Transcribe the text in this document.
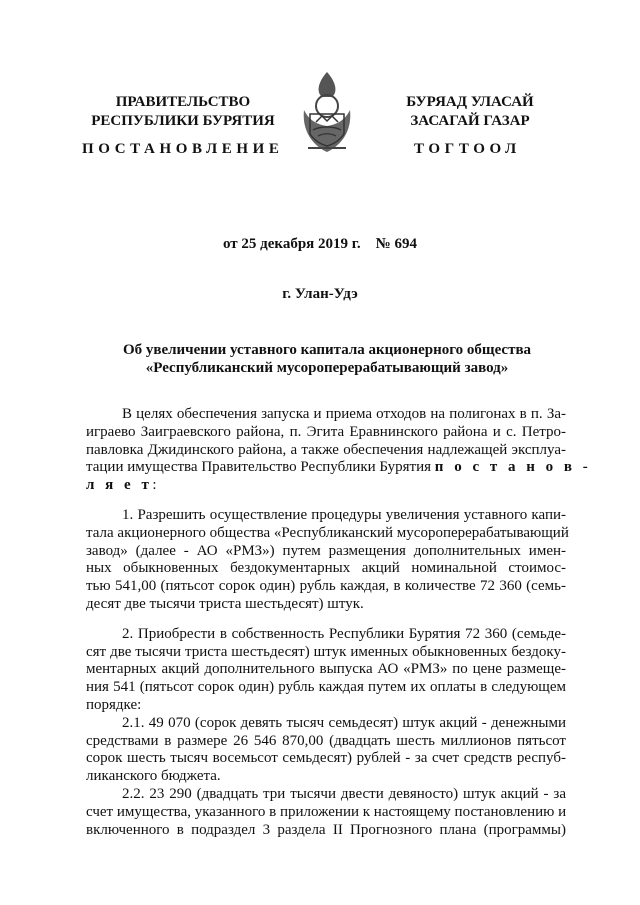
ПРАВИТЕЛЬСТВО
РЕСПУБЛИКИ БУРЯТИЯ
БУРЯАД УЛАСАЙ
ЗАСАГАЙ ГАЗАР
ПОСТАНОВЛЕНИЕ	ТОГТООЛ
от 25 декабря 2019 г.    № 694
г. Улан-Удэ
Об увеличении уставного капитала акционерного общества
«Республиканский мусороперерабатывающий завод»

В целях обеспечения запуска и приема отходов на полигонах в п. За-
играево Заиграевского района, п. Эгита Еравнинского района и с. Петро-
павловка Джидинского района, а также обеспечения надлежащей эксплуа-
тации имущества Правительство Республики Бурятия п о с т а н о в -
л я е т:

1. Разрешить осуществление процедуры увеличения уставного капи-
тала акционерного общества «Республиканский мусороперерабатывающий
завод» (далее - АО «РМЗ») путем размещения дополнительных имен-
ных обыкновенных бездокументарных акций номинальной стоимос-
тью 541,00 (пятьсот сорок один) рубль каждая, в количестве 72 360 (семь-
десят две тысячи триста шестьдесят) штук.

2. Приобрести в собственность Республики Бурятия 72 360 (семьде-
сят две тысячи триста шестьдесят) штук именных обыкновенных бездоку-
ментарных акций дополнительного выпуска АО «РМЗ» по цене размеще-
ния 541 (пятьсот сорок один) рубль каждая путем их оплаты в следующем
порядке:

2.1. 49 070 (сорок девять тысяч семьдесят) штук акций - денежными
средствами в размере 26 546 870,00 (двадцать шесть миллионов пятьсот
сорок шесть тысяч восемьсот семьдесят) рублей - за счет средств респуб-
ликанского бюджета.

2.2. 23 290 (двадцать три тысячи двести девяносто) штук акций - за
счет имущества, указанного в приложении к настоящему постановлению и
включенного в подраздел 3 раздела II Прогнозного плана (программы)
